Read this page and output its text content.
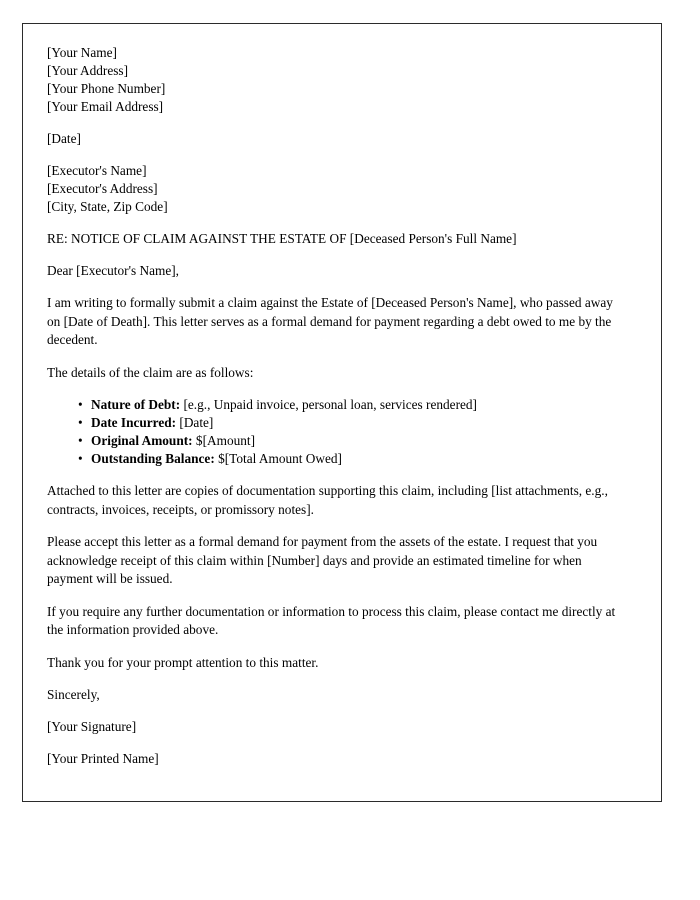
[Your Name]
[Your Address]
[Your Phone Number]
[Your Email Address]
[Date]
[Executor's Name]
[Executor's Address]
[City, State, Zip Code]
RE: NOTICE OF CLAIM AGAINST THE ESTATE OF [Deceased Person's Full Name]
Dear [Executor's Name],

I am writing to formally submit a claim against the Estate of [Deceased Person's Name], who passed away on [Date of Death]. This letter serves as a formal demand for payment regarding a debt owed to me by the decedent.

The details of the claim are as follows:

• Nature of Debt: [e.g., Unpaid invoice, personal loan, services rendered]
• Date Incurred: [Date]
• Original Amount: $[Amount]
• Outstanding Balance: $[Total Amount Owed]

Attached to this letter are copies of documentation supporting this claim, including [list attachments, e.g., contracts, invoices, receipts, or promissory notes].

Please accept this letter as a formal demand for payment from the assets of the estate. I request that you acknowledge receipt of this claim within [Number] days and provide an estimated timeline for when payment will be issued.

If you require any further documentation or information to process this claim, please contact me directly at the information provided above.

Thank you for your prompt attention to this matter.

Sincerely,
[Your Signature]
[Your Printed Name]
